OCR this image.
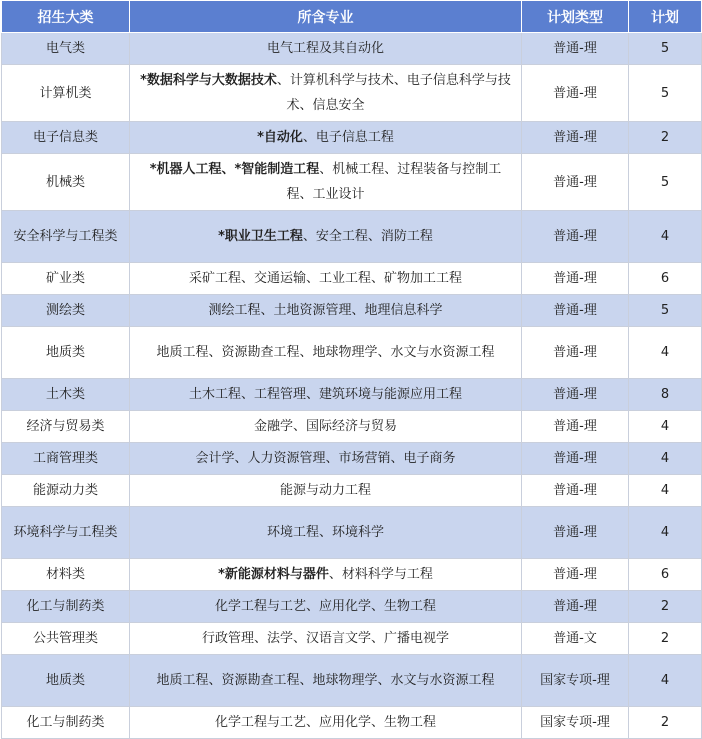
招生大类	所含专业	计划类型	计划
电气类	电气工程及其自动化	普通-理	5
计算机类	*数据科学与大数据技术、计算机科学与技术、电子信息科学与技术、信息安全	普通-理	5
电子信息类	*自动化、电子信息工程	普通-理	2
机械类	*机器人工程、*智能制造工程、机械工程、过程装备与控制工程、工业设计	普通-理	5
安全科学与工程类	*职业卫生工程、安全工程、消防工程	普通-理	4
矿业类	采矿工程、交通运输、工业工程、矿物加工工程	普通-理	6
测绘类	测绘工程、土地资源管理、地理信息科学	普通-理	5
地质类	地质工程、资源勘查工程、地球物理学、水文与水资源工程	普通-理	4
土木类	土木工程、工程管理、建筑环境与能源应用工程	普通-理	8
经济与贸易类	金融学、国际经济与贸易	普通-理	4
工商管理类	会计学、人力资源管理、市场营销、电子商务	普通-理	4
能源动力类	能源与动力工程	普通-理	4
环境科学与工程类	环境工程、环境科学	普通-理	4
材料类	*新能源材料与器件、材料科学与工程	普通-理	6
化工与制药类	化学工程与工艺、应用化学、生物工程	普通-理	2
公共管理类	行政管理、法学、汉语言文学、广播电视学	普通-文	2
地质类	地质工程、资源勘查工程、地球物理学、水文与水资源工程	国家专项-理	4
化工与制药类	化学工程与工艺、应用化学、生物工程	国家专项-理	2
